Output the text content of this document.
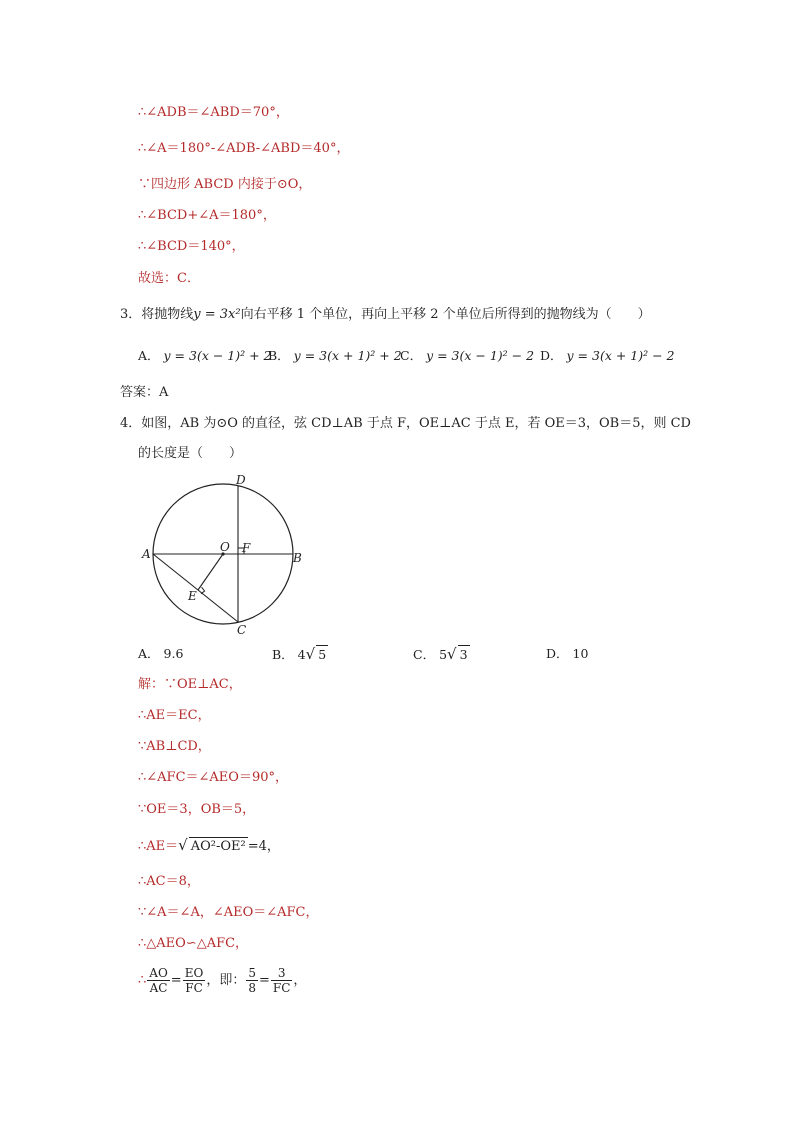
∴∠ADB＝∠ABD＝70°，
∴∠A＝180°-∠ADB-∠ABD＝40°，
∵四边形 ABCD 内接于⊙O，
∴∠BCD+∠A＝180°，
∴∠BCD＝140°，
故选：C．
3．将抛物线y = 3x²向右平移 1 个单位，再向上平移 2 个单位后所得到的抛物线为（　　）
A． y = 3(x − 1)² + 2
B． y = 3(x + 1)² + 2
C． y = 3(x − 1)² − 2 D． y = 3(x + 1)² − 2
答案：A
4．如图，AB 为⊙O 的直径，弦 CD⊥AB 于点 F，OE⊥AC 于点 E，若 OE＝3，OB＝5，则 CD
的长度是（　　）
A	B
D
C
O F
E
A． 9.6	B． 4√ 5	C． 5√ 3	D． 10
解：∵OE⊥AC，
∴AE＝EC，
∵AB⊥CD，
∴∠AFC＝∠AEO＝90°，
∵OE＝3，OB＝5，
∴AE＝√ AO²-OE² =4，
∴AC＝8，
∵∠A＝∠A，∠AEO＝∠AFC，
∴△AEO∽△AFC，
∴ $\frac{AO}{AC} = \frac{EO}{FC}$ ，即： $\frac{5}{8} = \frac{3}{FC}$ ，
